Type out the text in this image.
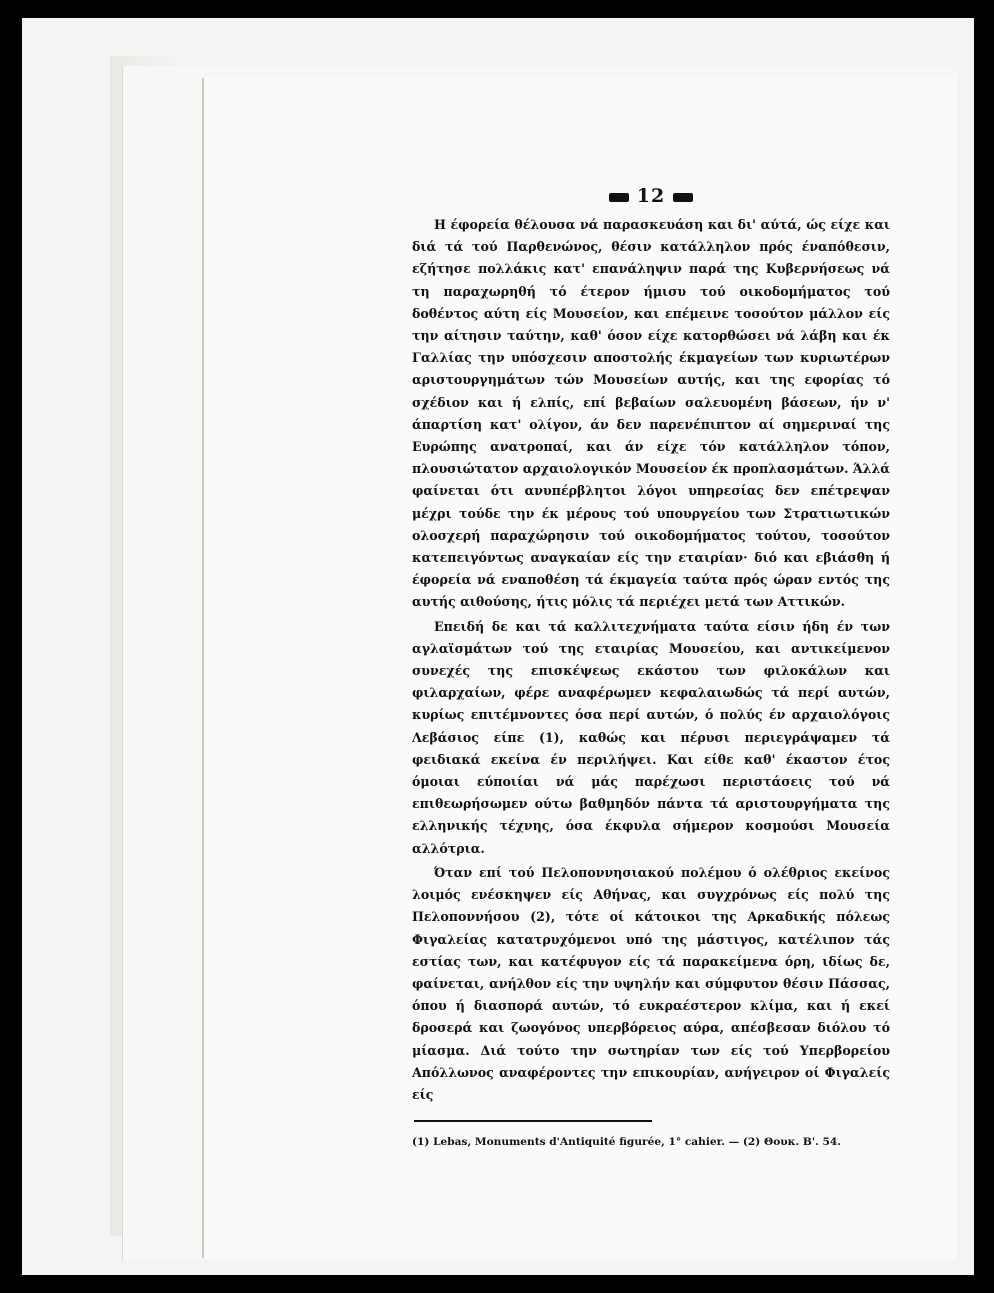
12

Η έφορεία θέλουσα νά παρασκευάση και δι' αύτά, ώς είχε και διά τά τού Παρθενώνος, θέσιν κατάλληλον πρός έναπόθεσιν, εζήτησε πολλάκις κατ' επανάληψιν παρά της Κυβερνήσεως νά τη παραχωρηθή τό έτερον ήμισυ τού οικοδομήματος τού δοθέντος αύτη είς Μουσείον, και επέμεινε τοσούτον μάλλον είς την αίτησιν ταύτην, καθ' όσον είχε κατορθώσει νά λάβη και έκ Γαλλίας την υπόσχεσιν αποστολής έκμαγείων των κυριωτέρων αριστουργημάτων τών Μουσείων αυτής, και της εφορίας τό σχέδιον και ή ελπίς, επί βεβαίων σαλευομένη βάσεων, ήν ν' άπαρτίση κατ' ολίγον, άν δεν παρενέπιπτον αί σημεριναί της Ευρώπης ανατροπαί, και άν είχε τόν κατάλληλον τόπον, πλουσιώτατον αρχαιολογικόν Μουσείον έκ προπλασμάτων. Άλλά φαίνεται ότι ανυπέρβλητοι λόγοι υπηρεσίας δεν επέτρεψαν μέχρι τούδε την έκ μέρους τού υπουργείου των Στρατιωτικών ολοσχερή παραχώρησιν τού οικοδομήματος τούτου, τοσούτον κατεπειγόντως αναγκαίαν είς την εταιρίαν· διό και εβιάσθη ή έφορεία νά εναποθέση τά έκμαγεία ταύτα πρός ώραν εντός της αυτής αιθούσης, ήτις μόλις τά περιέχει μετά των Αττικών.

Επειδή δε και τά καλλιτεχνήματα ταύτα είσιν ήδη έν των αγλαϊσμάτων τού της εταιρίας Μουσείου, και αντικείμενον συνεχές της επισκέψεως εκάστου των φιλοκάλων και φιλαρχαίων, φέρε αναφέρωμεν κεφαλαιωδώς τά περί αυτών, κυρίως επιτέμνοντες όσα περί αυτών, ό πολύς έν αρχαιολόγοις Λεβάσιος είπε (1), καθώς και πέρυσι περιεγράψαμεν τά φειδιακά εκείνα έν περιλήψει. Και είθε καθ' έκαστον έτος όμοιαι εύποιίαι νά μάς παρέχωσι περιστάσεις τού νά επιθεωρήσωμεν ούτω βαθμηδόν πάντα τά αριστουργήματα της ελληνικής τέχνης, όσα έκφυλα σήμερον κοσμούσι Μουσεία αλλότρια.

Όταν επί τού Πελοποννησιακού πολέμου ό ολέθριος εκείνος λοιμός ενέσκηψεν είς Αθήνας, και συγχρόνως είς πολύ της Πελοποννήσου (2), τότε οί κάτοικοι της Αρκαδικής πόλεως Φιγαλείας κατατρυχόμενοι υπό της μάστιγος, κατέλιπον τάς εστίας των, και κατέφυγον είς τά παρακείμενα όρη, ιδίως δε, φαίνεται, ανήλθον είς την υψηλήν και σύμφυτον θέσιν Πάσσας, όπου ή διασπορά αυτών, τό ευκραέστερον κλίμα, και ή εκεί δροσερά και ζωογόνος υπερβόρειος αύρα, απέσβεσαν διόλου τό μίασμα. Διά τούτο την σωτηρίαν των είς τού Υπερβορείου Απόλλωνος αναφέροντες την επικουρίαν, ανήγειρον οί Φιγαλείς είς

(1) Lebas, Monuments d'Antiquité figurée, 1° cahier. — (2) Θουκ. Β'. 54.
